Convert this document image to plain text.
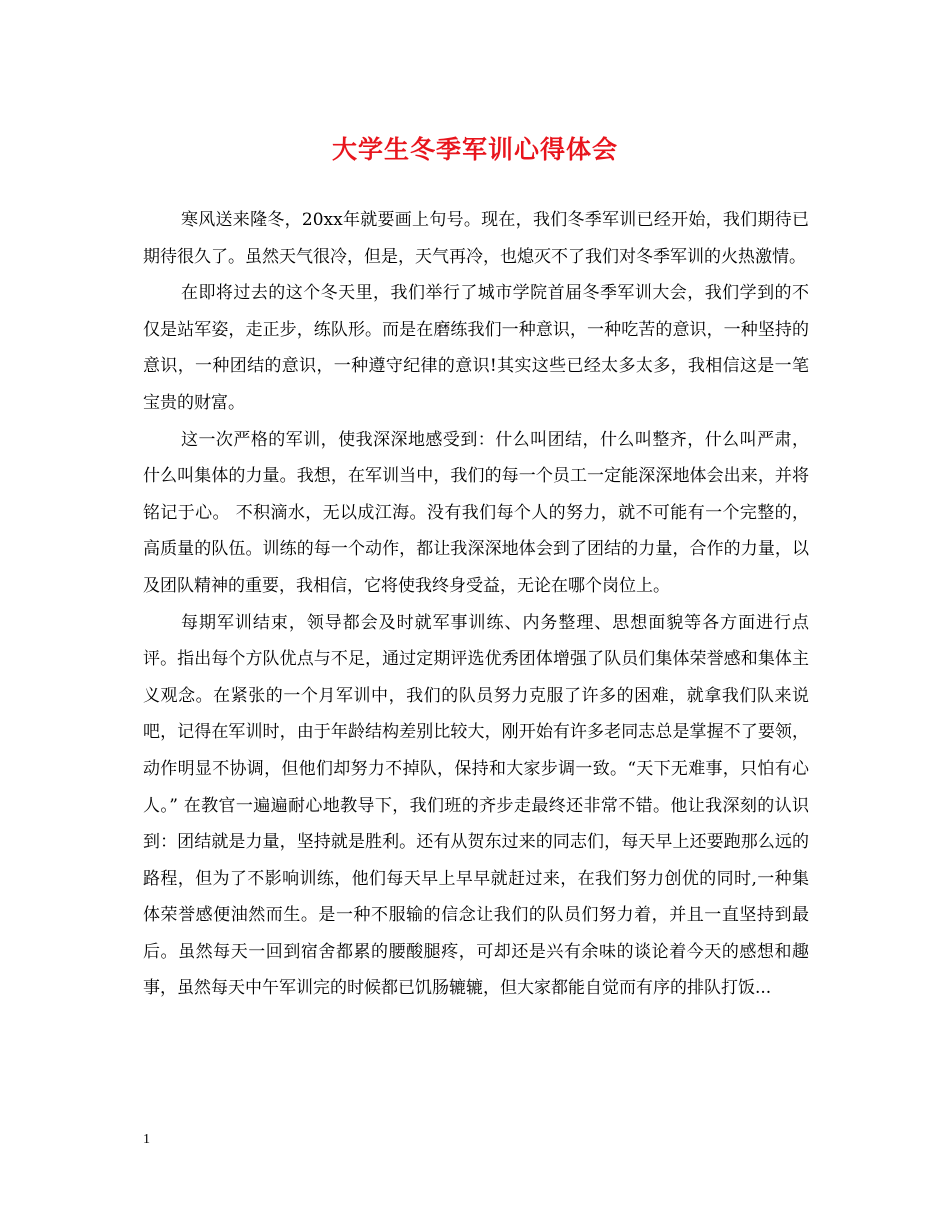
大学生冬季军训心得体会

寒风送来隆冬，20xx年就要画上句号。现在，我们冬季军训已经开始，我们期待已期待很久了。虽然天气很冷，但是，天气再冷，也熄灭不了我们对冬季军训的火热激情。

在即将过去的这个冬天里，我们举行了城市学院首届冬季军训大会，我们学到的不仅是站军姿，走正步，练队形。而是在磨练我们一种意识，一种吃苦的意识，一种坚持的意识，一种团结的意识，一种遵守纪律的意识!其实这些已经太多太多，我相信这是一笔宝贵的财富。

这一次严格的军训，使我深深地感受到：什么叫团结，什么叫整齐，什么叫严肃，什么叫集体的力量。我想，在军训当中，我们的每一个员工一定能深深地体会出来，并将铭记于心。 不积滴水，无以成江海。没有我们每个人的努力，就不可能有一个完整的，高质量的队伍。训练的每一个动作，都让我深深地体会到了团结的力量，合作的力量，以及团队精神的重要，我相信，它将使我终身受益，无论在哪个岗位上。

每期军训结束，领导都会及时就军事训练、内务整理、思想面貌等各方面进行点评。指出每个方队优点与不足，通过定期评选优秀团体增强了队员们集体荣誉感和集体主义观念。在紧张的一个月军训中，我们的队员努力克服了许多的困难，就拿我们队来说吧，记得在军训时，由于年龄结构差别比较大，刚开始有许多老同志总是掌握不了要领，动作明显不协调，但他们却努力不掉队，保持和大家步调一致。“天下无难事，只怕有心人。” 在教官一遍遍耐心地教导下，我们班的齐步走最终还非常不错。他让我深刻的认识到：团结就是力量，坚持就是胜利。还有从贺东过来的同志们，每天早上还要跑那么远的路程，但为了不影响训练，他们每天早上早早就赶过来，在我们努力创优的同时,一种集体荣誉感便油然而生。是一种不服输的信念让我们的队员们努力着，并且一直坚持到最后。虽然每天一回到宿舍都累的腰酸腿疼，可却还是兴有余味的谈论着今天的感想和趣事，虽然每天中午军训完的时候都已饥肠辘辘，但大家都能自觉而有序的排队打饭...

1
